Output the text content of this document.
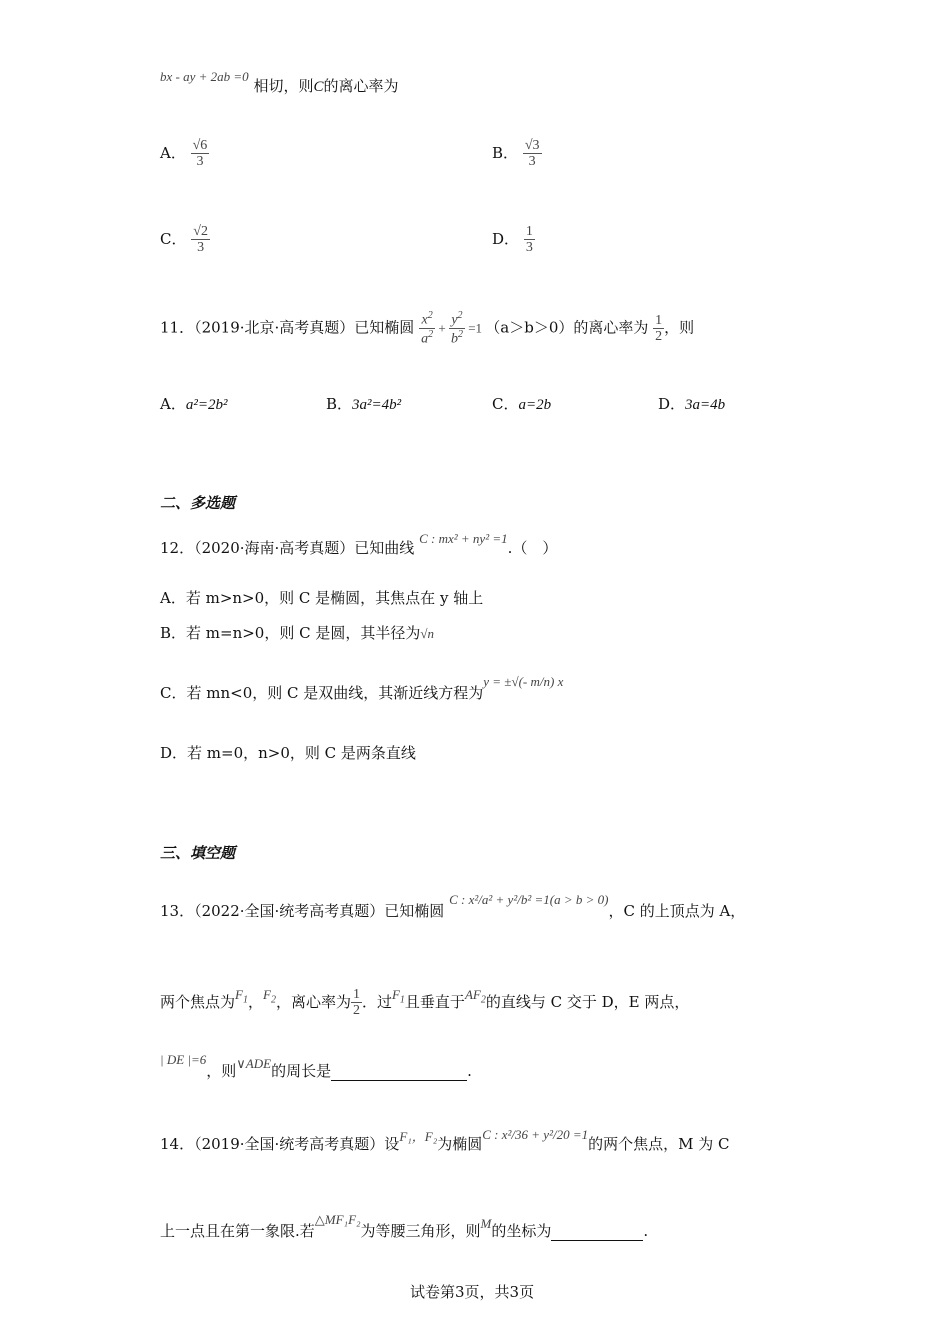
bx - ay + 2ab =0 相切，则C的离心率为
A． $\frac{√6}{3}$	B． $\frac{√3}{3}$
C． $\frac{√2}{3}$	D． $\frac{1}{3}$
11．（2019·北京·高考真题）已知椭圆 $\frac{x^2}{a^2} + \frac{y^2}{b^2} =1$ （a＞b＞0）的离心率为 $\frac{1}{2}$ ，则
A．a²=2b²	B．3a²=4b²	C．a=2b	D．3a=4b
二、多选题
12．（2020·海南·高考真题）已知曲线 C : mx² + ny² =1.（　）
A．若 m>n>0，则 C 是椭圆，其焦点在 y 轴上
B．若 m=n>0，则 C 是圆，其半径为√n
C．若 mn<0，则 C 是双曲线，其渐近线方程为y = ±√(- m/n) x
D．若 m=0，n>0，则 C 是两条直线
三、填空题
13．（2022·全国·统考高考真题）已知椭圆 C : x²/a² + y²/b² =1(a > b > 0)，C 的上顶点为 A，
两个焦点为$F_1$，$F_2$，离心率为 $\frac{1}{2}$ ．过$F_1$且垂直于$AF_2$的直线与 C 交于 D，E 两点，
| DE |=6，则∨ADE的周长是	.
14．（2019·全国·统考高考真题）设F₁，F₂为椭圆C : x²/36 + y²/20 =1的两个焦点，M 为 C
上一点且在第一象限.若△MF₁F₂为等腰三角形，则M的坐标为	.
试卷第3页，共3页
